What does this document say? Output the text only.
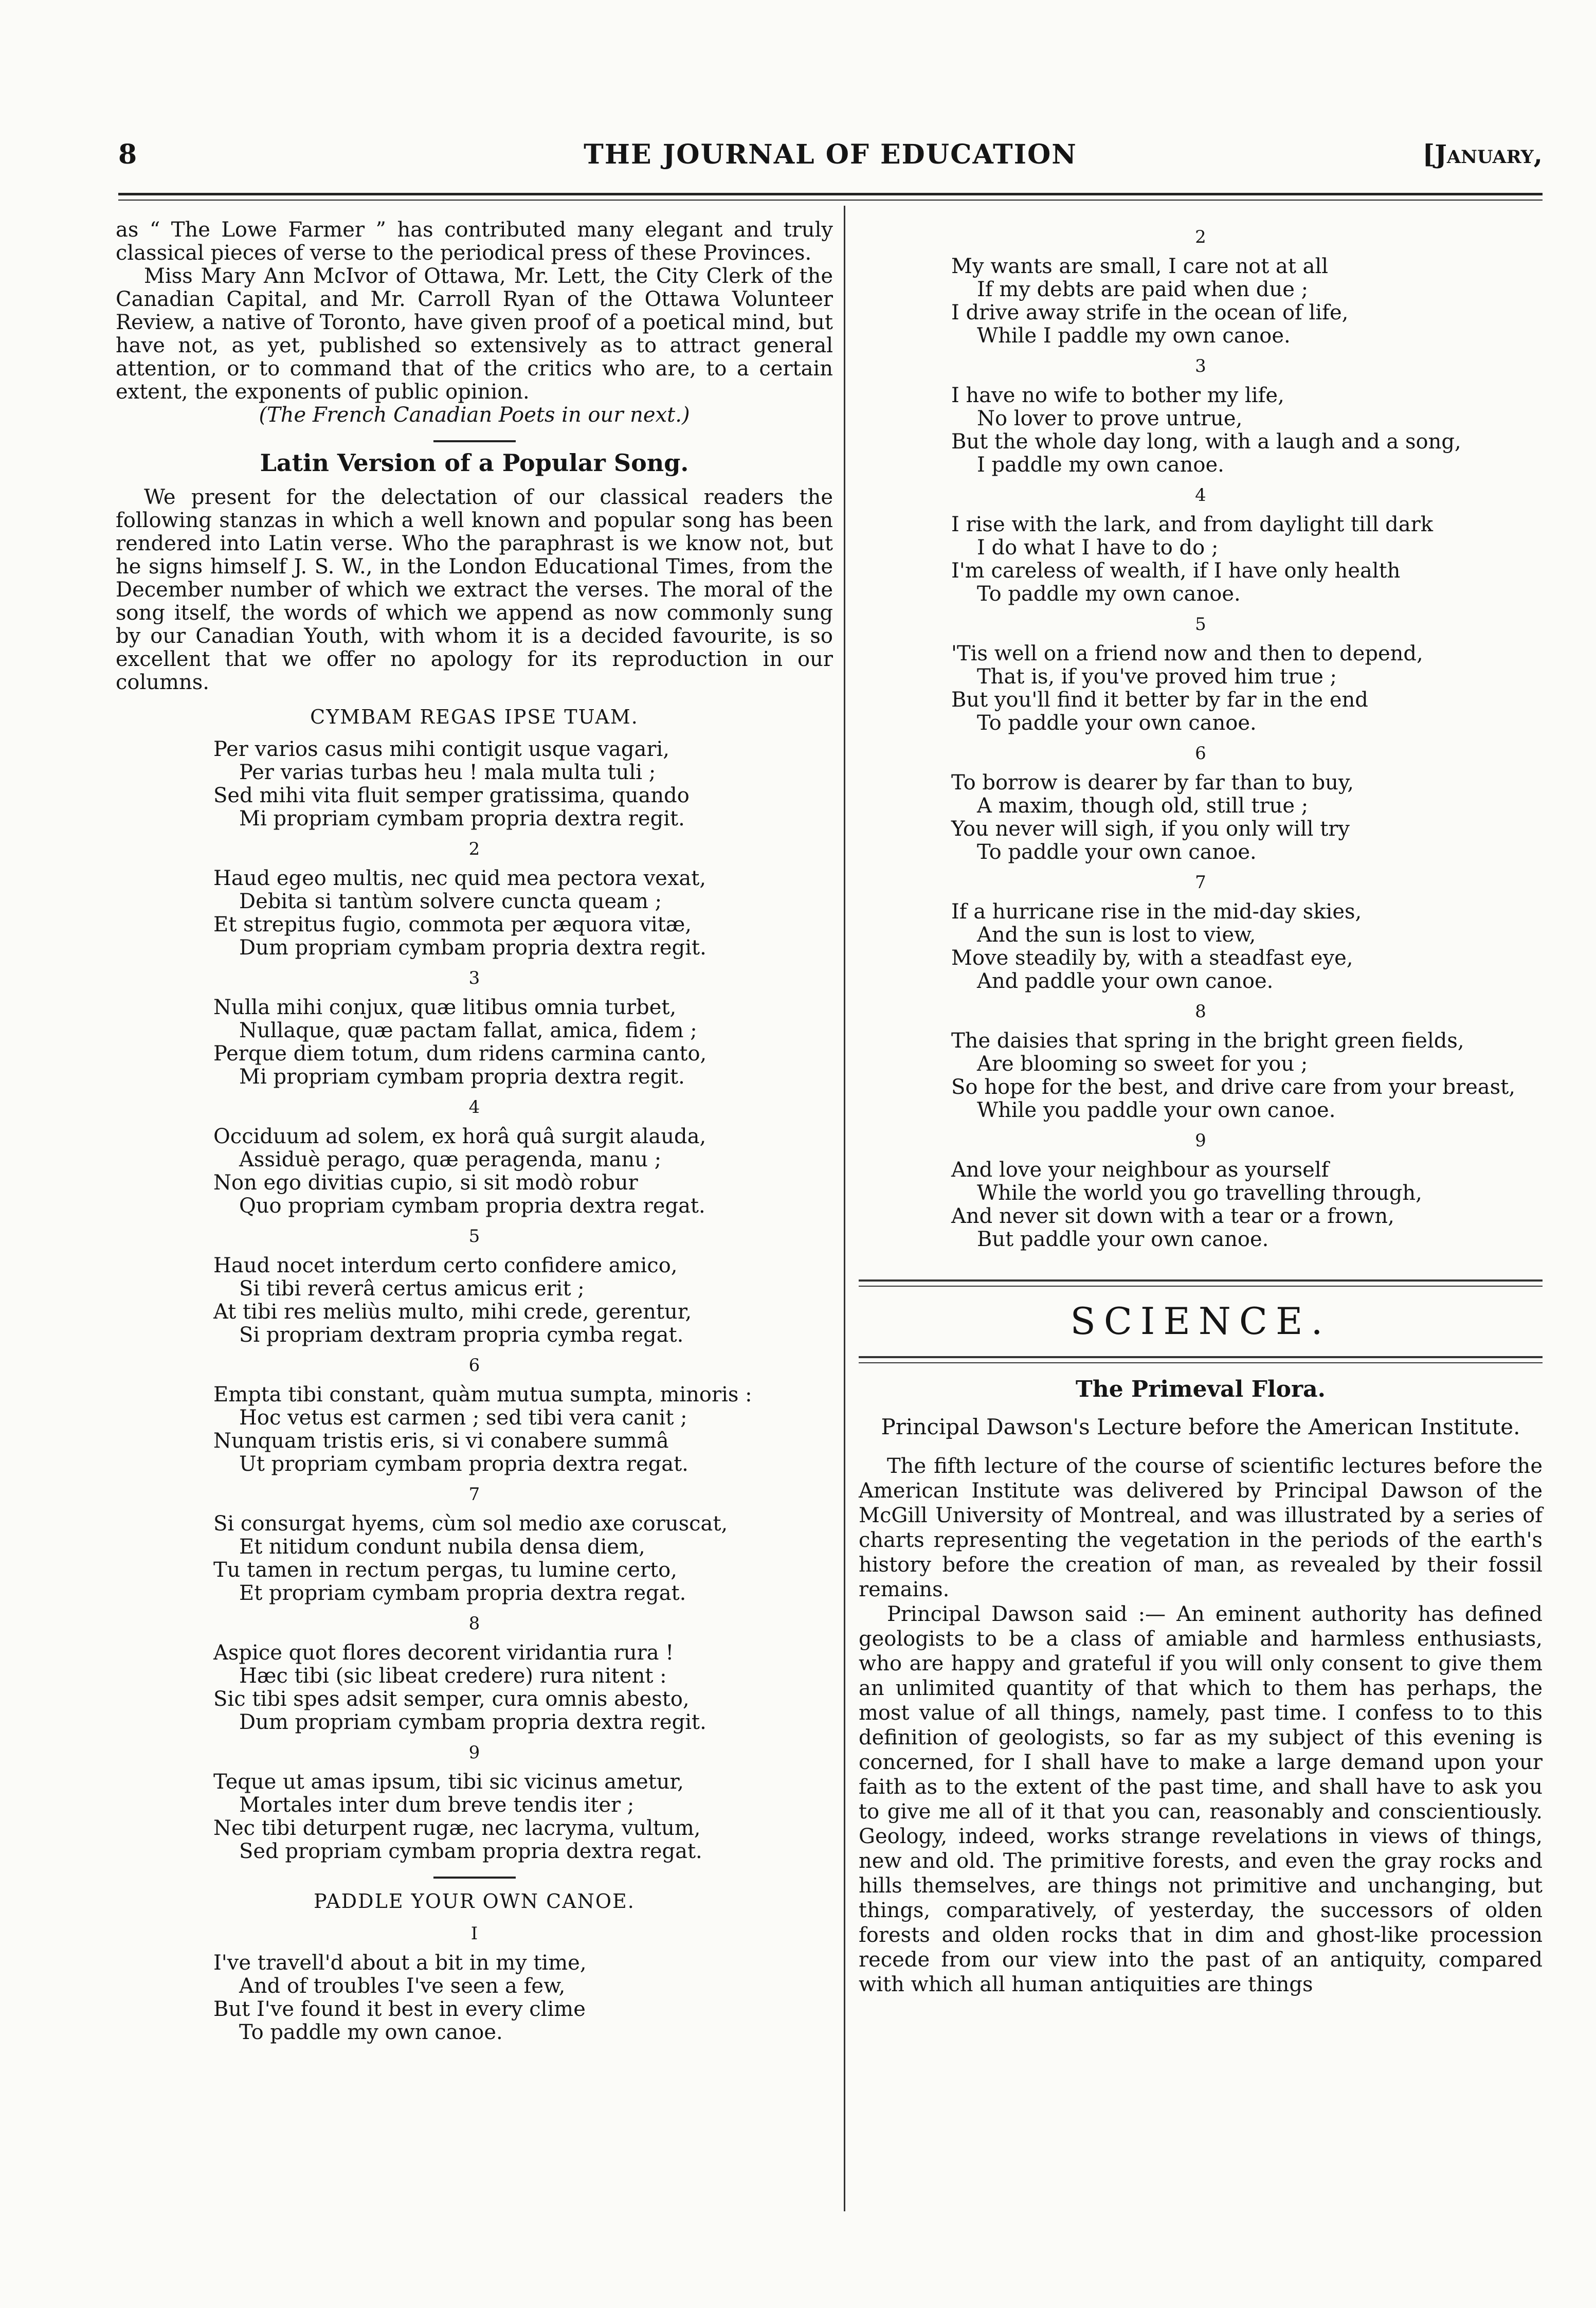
8	THE JOURNAL OF EDUCATION	[January,

as “ The Lowe Farmer ” has contributed many elegant and truly classical pieces of verse to the periodical press of these Provinces.

Miss Mary Ann McIvor of Ottawa, Mr. Lett, the City Clerk of the Canadian Capital, and Mr. Carroll Ryan of the Ottawa Volunteer Review, a native of Toronto, have given proof of a poetical mind, but have not, as yet, published so extensively as to attract general attention, or to command that of the critics who are, to a certain extent, the exponents of public opinion.

(The French Canadian Poets in our next.)

Latin Version of a Popular Song.

We present for the delectation of our classical readers the following stanzas in which a well known and popular song has been rendered into Latin verse. Who the paraphrast is we know not, but he signs himself J. S. W., in the London Educational Times, from the December number of which we extract the verses. The moral of the song itself, the words of which we append as now commonly sung by our Canadian Youth, with whom it is a decided favourite, is so excellent that we offer no apology for its reproduction in our columns.

CYMBAM REGAS IPSE TUAM.
Per varios casus mihi contigit usque vagari,
Per varias turbas heu ! mala multa tuli ;
Sed mihi vita fluit semper gratissima, quando
Mi propriam cymbam propria dextra regit.
2
Haud egeo multis, nec quid mea pectora vexat,
Debita si tantùm solvere cuncta queam ;
Et strepitus fugio, commota per æquora vitæ,
Dum propriam cymbam propria dextra regit.
3
Nulla mihi conjux, quæ litibus omnia turbet,
Nullaque, quæ pactam fallat, amica, fidem ;
Perque diem totum, dum ridens carmina canto,
Mi propriam cymbam propria dextra regit.
4
Occiduum ad solem, ex horâ quâ surgit alauda,
Assiduè perago, quæ peragenda, manu ;
Non ego divitias cupio, si sit modò robur
Quo propriam cymbam propria dextra regat.
5
Haud nocet interdum certo confidere amico,
Si tibi reverâ certus amicus erit ;
At tibi res meliùs multo, mihi crede, gerentur,
Si propriam dextram propria cymba regat.
6
Empta tibi constant, quàm mutua sumpta, minoris :
Hoc vetus est carmen ; sed tibi vera canit ;
Nunquam tristis eris, si vi conabere summâ
Ut propriam cymbam propria dextra regat.
7
Si consurgat hyems, cùm sol medio axe coruscat,
Et nitidum condunt nubila densa diem,
Tu tamen in rectum pergas, tu lumine certo,
Et propriam cymbam propria dextra regat.
8
Aspice quot flores decorent viridantia rura !
Hæc tibi (sic libeat credere) rura nitent :
Sic tibi spes adsit semper, cura omnis abesto,
Dum propriam cymbam propria dextra regit.
9
Teque ut amas ipsum, tibi sic vicinus ametur,
Mortales inter dum breve tendis iter ;
Nec tibi deturpent rugæ, nec lacryma, vultum,
Sed propriam cymbam propria dextra regat.
PADDLE YOUR OWN CANOE.
I
I've travell'd about a bit in my time,
And of troubles I've seen a few,
But I've found it best in every clime
To paddle my own canoe.
2
My wants are small, I care not at all
If my debts are paid when due ;
I drive away strife in the ocean of life,
While I paddle my own canoe.
3
I have no wife to bother my life,
No lover to prove untrue,
But the whole day long, with a laugh and a song,
I paddle my own canoe.
4
I rise with the lark, and from daylight till dark
I do what I have to do ;
I'm careless of wealth, if I have only health
To paddle my own canoe.
5
'Tis well on a friend now and then to depend,
That is, if you've proved him true ;
But you'll find it better by far in the end
To paddle your own canoe.
6
To borrow is dearer by far than to buy,
A maxim, though old, still true ;
You never will sigh, if you only will try
To paddle your own canoe.
7
If a hurricane rise in the mid-day skies,
And the sun is lost to view,
Move steadily by, with a steadfast eye,
And paddle your own canoe.
8
The daisies that spring in the bright green fields,
Are blooming so sweet for you ;
So hope for the best, and drive care from your breast,
While you paddle your own canoe.
9
And love your neighbour as yourself
While the world you go travelling through,
And never sit down with a tear or a frown,
But paddle your own canoe.
SCIENCE.
The Primeval Flora.
Principal Dawson's Lecture before the American Institute.

The fifth lecture of the course of scientific lectures before the American Institute was delivered by Principal Dawson of the McGill University of Montreal, and was illustrated by a series of charts representing the vegetation in the periods of the earth's history before the creation of man, as revealed by their fossil remains.

Principal Dawson said :— An eminent authority has defined geologists to be a class of amiable and harmless enthusiasts, who are happy and grateful if you will only consent to give them an unlimited quantity of that which to them has perhaps, the most value of all things, namely, past time. I confess to to this definition of geologists, so far as my subject of this evening is concerned, for I shall have to make a large demand upon your faith as to the extent of the past time, and shall have to ask you to give me all of it that you can, reasonably and conscientiously. Geology, indeed, works strange revelations in views of things, new and old. The primitive forests, and even the gray rocks and hills themselves, are things not primitive and unchanging, but things, comparatively, of yesterday, the successors of olden forests and olden rocks that in dim and ghost-like procession recede from our view into the past of an antiquity, compared with which all human antiquities are things
